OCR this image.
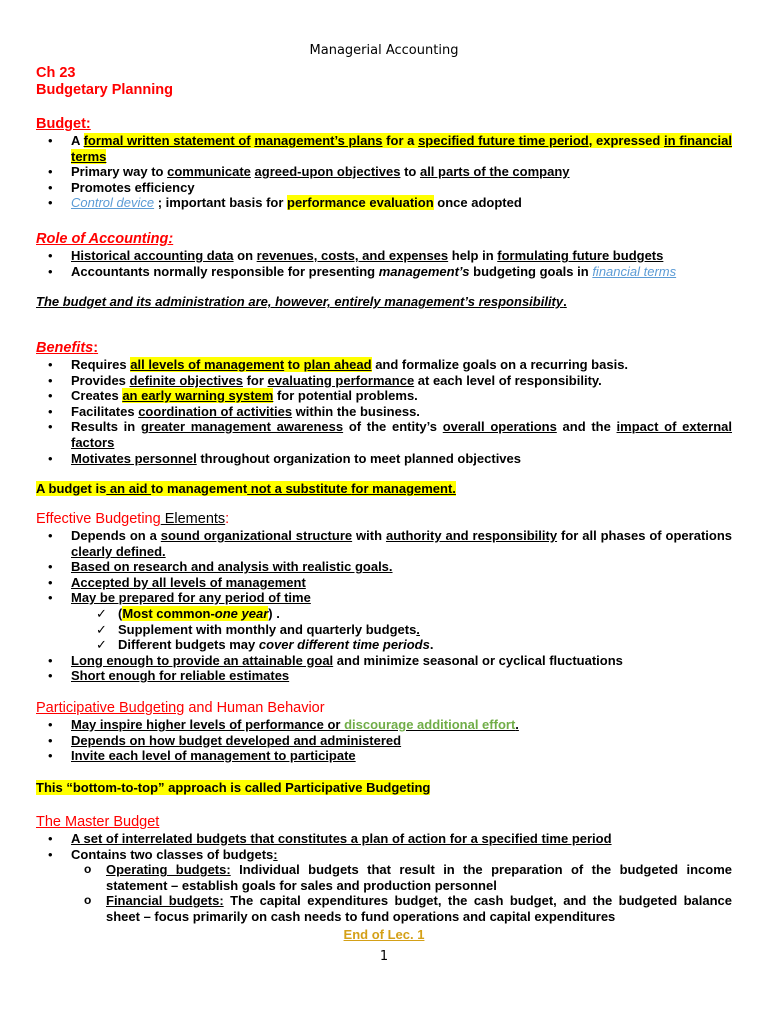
Managerial Accounting
Ch 23
Budgetary Planning
Budget:
• A formal written statement of management’s plans for a specified future time period, expressed in financial terms
• Primary way to communicate agreed-upon objectives to all parts of the company
• Promotes efficiency
• Control device ; important basis for performance evaluation once adopted
Role of Accounting:
• Historical accounting data on revenues, costs, and expenses help in formulating future budgets
• Accountants normally responsible for presenting management’s budgeting goals in financial terms
The budget and its administration are, however, entirely management’s responsibility.
Benefits:
• Requires all levels of management to plan ahead and formalize goals on a recurring basis.
• Provides definite objectives for evaluating performance at each level of responsibility.
• Creates an early warning system for potential problems.
• Facilitates coordination of activities within the business.
• Results in greater management awareness of the entity’s overall operations and the impact of external factors
• Motivates personnel throughout organization to meet planned objectives
A budget is an aid to management not a substitute for management.
Effective Budgeting Elements:
• Depends on a sound organizational structure with authority and responsibility for all phases of operations clearly defined.
• Based on research and analysis with realistic goals.
• Accepted by all levels of management
• May be prepared for any period of time
✓ (Most common-one year) .
✓ Supplement with monthly and quarterly budgets.
✓ Different budgets may cover different time periods.
• Long enough to provide an attainable goal and minimize seasonal or cyclical fluctuations
• Short enough for reliable estimates
Participative Budgeting and Human Behavior
• May inspire higher levels of performance or discourage additional effort.
• Depends on how budget developed and administered
• Invite each level of management to participate
This “bottom-to-top” approach is called Participative Budgeting
The Master Budget
• A set of interrelated budgets that constitutes a plan of action for a specified time period
• Contains two classes of budgets:
o Operating budgets: Individual budgets that result in the preparation of the budgeted income statement – establish goals for sales and production personnel
o Financial budgets: The capital expenditures budget, the cash budget, and the budgeted balance sheet – focus primarily on cash needs to fund operations and capital expenditures
End of Lec. 1
1
